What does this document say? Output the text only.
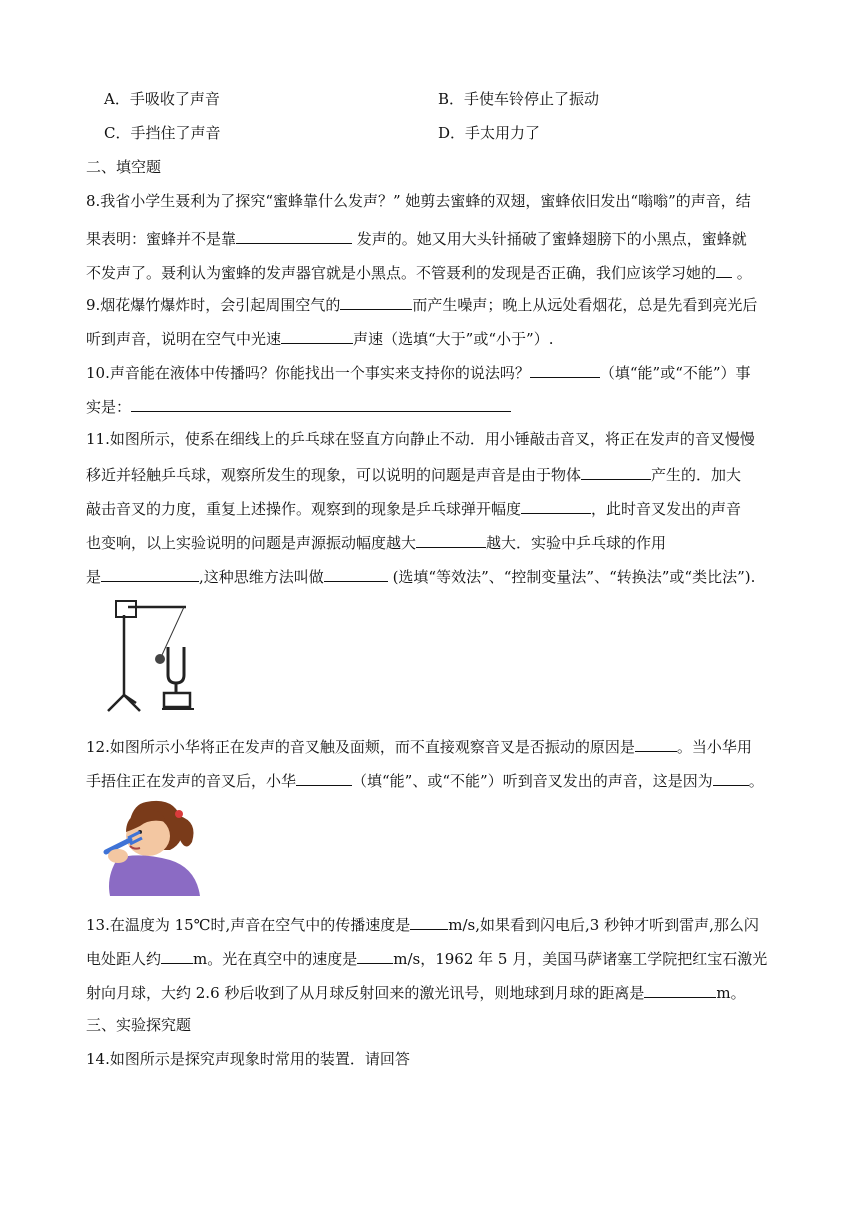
A．手吸收了声音	B．手使车铃停止了振动
C．手挡住了声音	D．手太用力了
二、填空题
8.我省小学生聂利为了探究“蜜蜂靠什么发声？” 她剪去蜜蜂的双翅，蜜蜂依旧发出“嗡嗡”的声音，结
果表明：蜜蜂并不是靠	发声的。她又用大头针捅破了蜜蜂翅膀下的小黑点，蜜蜂就
不发声了。聂利认为蜜蜂的发声器官就是小黑点。不管聂利的发现是否正确，我们应该学习她的 。
9.烟花爆竹爆炸时，会引起周围空气的	而产生噪声；晚上从远处看烟花，总是先看到亮光后
听到声音，说明在空气中光速	声速（选填“大于”或“小于”）.
10.声音能在液体中传播吗？你能找出一个事实来支持你的说法吗？	（填“能”或“不能”）事
实是：
11.如图所示，使系在细线上的乒乓球在竖直方向静止不动．用小锤敲击音叉，将正在发声的音叉慢慢
移近并轻触乒乓球，观察所发生的现象，可以说明的问题是声音是由于物体	产生的．加大
敲击音叉的力度，重复上述操作。观察到的现象是乒乓球弹开幅度	，此时音叉发出的声音
也变响，以上实验说明的问题是声源振动幅度越大	越大．实验中乒乓球的作用
是	,这种思维方法叫做	(选填“等效法”、“控制变量法”、“转换法”或“类比法”).
12.如图所示小华将正在发声的音叉触及面颊，而不直接观察音叉是否振动的原因是	。当小华用
手捂住正在发声的音叉后，小华	（填“能”、或“不能”）听到音叉发出的声音，这是因为 。
13.在温度为 15℃时,声音在空气中的传播速度是	m/s,如果看到闪电后,3 秒钟才听到雷声,那么闪
电处距人约 m。光在真空中的速度是 m/s，1962 年 5 月，美国马萨诸塞工学院把红宝石激光
射向月球，大约 2.6 秒后收到了从月球反射回来的激光讯号，则地球到月球的距离是	m。
三、实验探究题
14.如图所示是探究声现象时常用的装置．请回答
